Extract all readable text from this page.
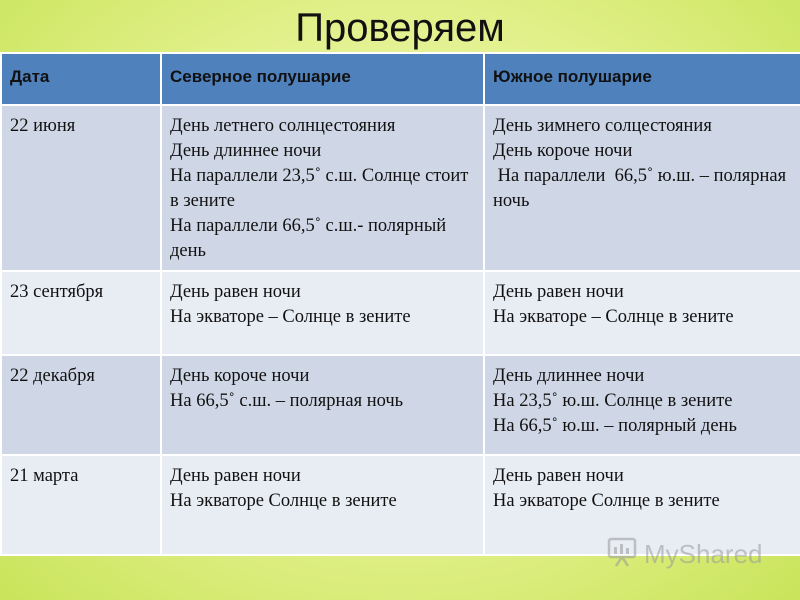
Проверяем
Дата	Северное полушарие	Южное полушарие
22 июня	День летнего солнцестояния
День длиннее ночи
На параллели 23,5˚ с.ш. Солнце стоит в зените
На параллели 66,5˚ с.ш.- полярный день	День зимнего солцестояния
День короче ночи
На параллели  66,5˚ ю.ш. – полярная ночь

23 сентября	День равен ночи
На экваторе – Солнце в зените	День равен ночи
На экваторе – Солнце в зените

22 декабря	День короче ночи
На 66,5˚ с.ш. – полярная ночь	День длиннее ночи
На 23,5˚ ю.ш. Солнце в зените
На 66,5˚ ю.ш. – полярный день

21 марта	День равен ночи
На экваторе Солнце в зените	День равен ночи
На экваторе Солнце в зените
MyShared
